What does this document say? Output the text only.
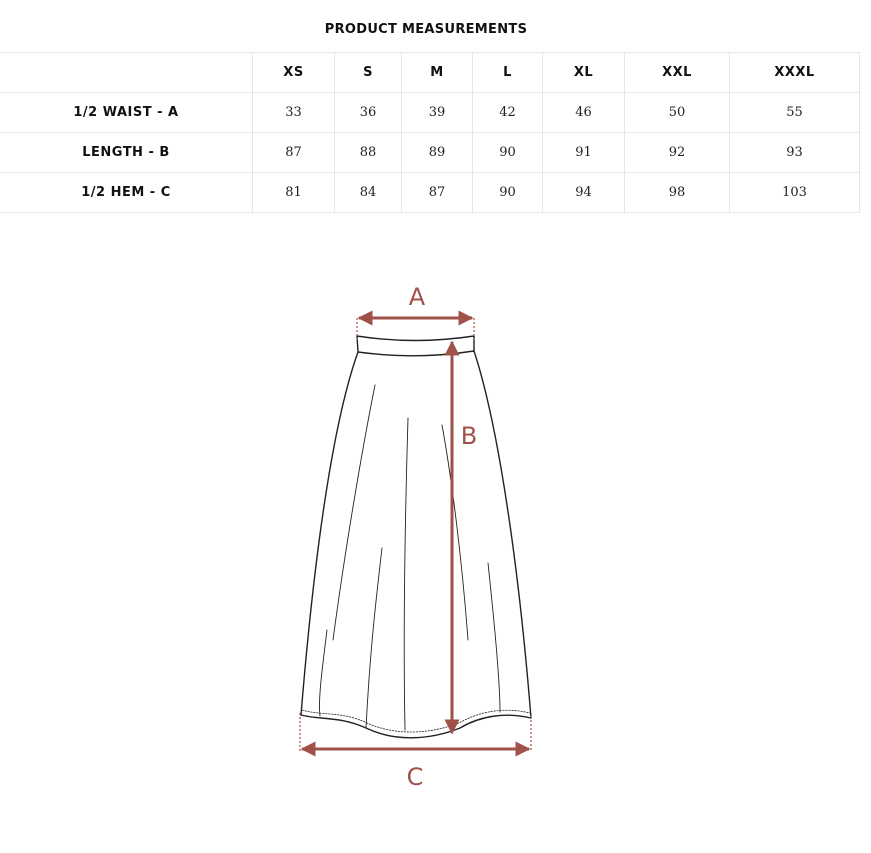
PRODUCT MEASUREMENTS
	XS	S	M	L	XL	XXL	XXXL
1/2 WAIST - A	33	36	39	42	46	50	55
LENGTH - B	87	88	89	90	91	92	93
1/2 HEM - C	81	84	87	90	94	98	103
A
B
C
